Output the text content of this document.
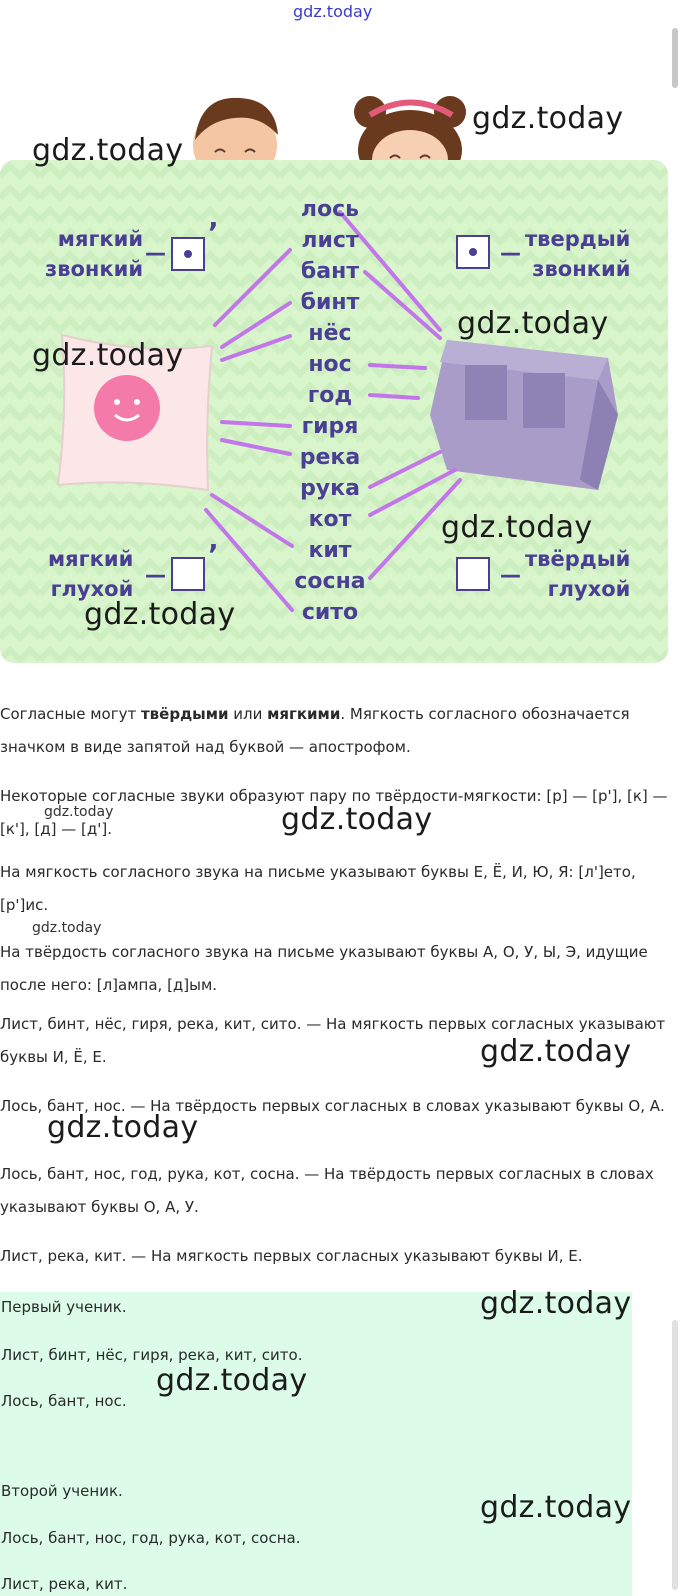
gdz.today
лось
лист
бант
бинт
нёс
нос
год
гиря
река
рука
кот
кит
сосна
сито
мягкий
звонкий
—
’	твердый
звонкий
—
мягкий
глухой
—
’	твёрдый
глухой
—
gdz.today
gdz.today
gdz.today
gdz.today
gdz.today
gdz.today
Согласные могут твёрдыми или мягкими. Мягкость согласного обозначается значком в виде запятой над буквой — апострофом.
Некоторые согласные звуки образуют пару по твёрдости-мягкости: [р] — [р'], [к] —[к'], [д] — [д'].
На мягкость согласного звука на письме указывают буквы Е, Ё, И, Ю, Я: [л']ето, [р']ис.
На твёрдость согласного звука на письме указывают буквы А, О, У, Ы, Э, идущие после него: [л]ампа, [д]ым.
Лист, бинт, нёс, гиря, река, кит, сито. — На мягкость первых согласных указывают буквы И, Ё, Е.
Лось, бант, нос. — На твёрдость первых согласных в словах указывают буквы О, А.
Лось, бант, нос, год, рука, кот, сосна. — На твёрдость первых согласных в словах указывают буквы О, А, У.
Лист, река, кит. — На мягкость первых согласных указывают буквы И, Е.
gdz.today	gdz.today
gdz.today
gdz.today
gdz.today
Первый ученик.
Лист, бинт, нёс, гиря, река, кит, сито.
Лось, бант, нос.
Второй ученик.
Лось, бант, нос, год, рука, кот, сосна.
Лист, река, кит.
gdz.today
gdz.today
gdz.today
